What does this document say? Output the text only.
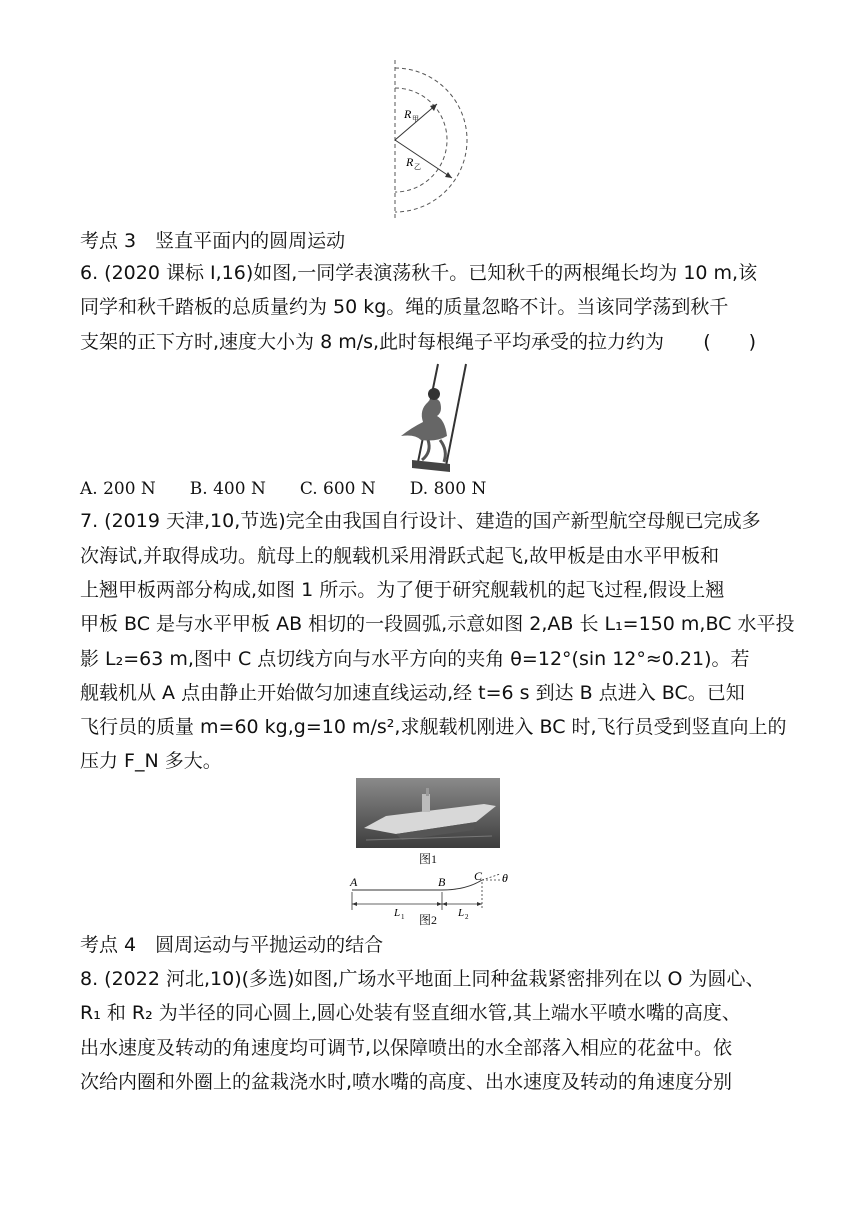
R 甲
R 乙
考点 3　竖直平面内的圆周运动
6. (2020 课标 Ⅰ,16)如图,一同学表演荡秋千。已知秋千的两根绳长均为 10 m,该
同学和秋千踏板的总质量约为 50 kg。绳的质量忽略不计。当该同学荡到秋千
支架的正下方时,速度大小为 8 m/s,此时每根绳子平均承受的拉力约为 (　　)
A. 200 N　　B. 400 N　　C. 600 N　　D. 800 N
7. (2019 天津,10,节选)完全由我国自行设计、建造的国产新型航空母舰已完成多
次海试,并取得成功。航母上的舰载机采用滑跃式起飞,故甲板是由水平甲板和
上翘甲板两部分构成,如图 1 所示。为了便于研究舰载机的起飞过程,假设上翘
甲板 BC 是与水平甲板 AB 相切的一段圆弧,示意如图 2,AB 长 L₁=150 m,BC 水平投
影 L₂=63 m,图中 C 点切线方向与水平方向的夹角 θ=12°(sin 12°≈0.21)。若
舰载机从 A 点由静止开始做匀加速直线运动,经 t=6 s 到达 B 点进入 BC。已知
飞行员的质量 m=60 kg,g=10 m/s²,求舰载机刚进入 BC 时,飞行员受到竖直向上的
压力 F_N 多大。
图1
A	B C θ
L 1	L 2
图2
考点 4　圆周运动与平抛运动的结合
8. (2022 河北,10)(多选)如图,广场水平地面上同种盆栽紧密排列在以 O 为圆心、
R₁ 和 R₂ 为半径的同心圆上,圆心处装有竖直细水管,其上端水平喷水嘴的高度、
出水速度及转动的角速度均可调节,以保障喷出的水全部落入相应的花盆中。依
次给内圈和外圈上的盆栽浇水时,喷水嘴的高度、出水速度及转动的角速度分别
